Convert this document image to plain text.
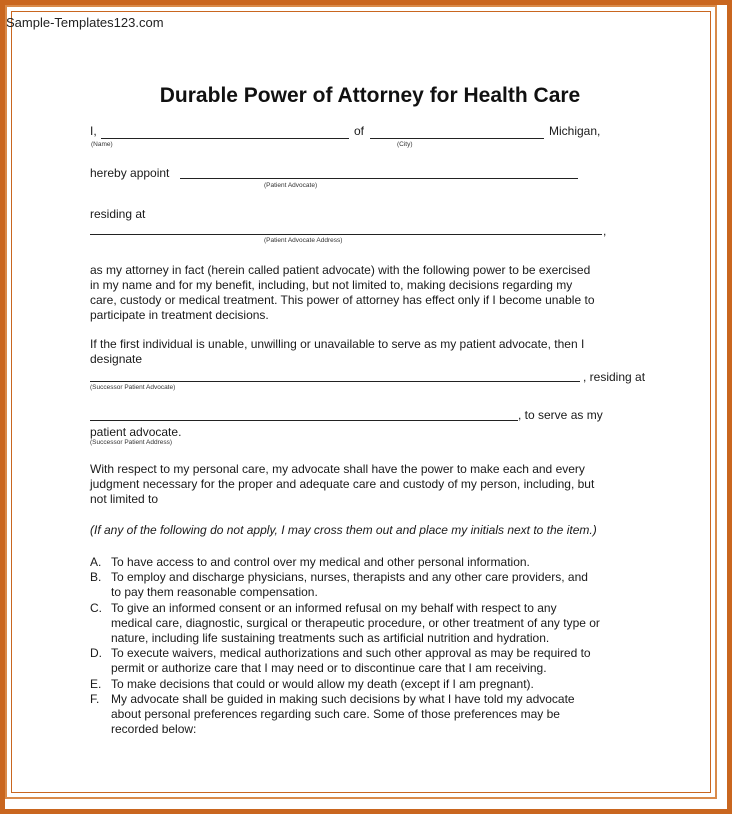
Sample-Templates123.com
Durable Power of Attorney for Health Care
I,	of	Michigan,
(Name)	(City)
hereby appoint
(Patient Advocate)
residing at
,
(Patient Advocate Address)
as my attorney in fact (herein called patient advocate) with the following power to be exercised
in my name and for my benefit, including, but not limited to, making decisions regarding my
care, custody or medical treatment. This power of attorney has effect only if I become unable to
participate in treatment decisions.
If the first individual is unable, unwilling or unavailable to serve as my patient advocate, then I
designate
, residing at
(Successor Patient Advocate)
, to serve as my
patient advocate.
(Successor Patient Address)
With respect to my personal care, my advocate shall have the power to make each and every
judgment necessary for the proper and adequate care and custody of my person, including, but
not limited to
(If any of the following do not apply, I may cross them out and place my initials next to the item.)
A. To have access to and control over my medical and other personal information.
B. To employ and discharge physicians, nurses, therapists and any other care providers, and
to pay them reasonable compensation.
C. To give an informed consent or an informed refusal on my behalf with respect to any
medical care, diagnostic, surgical or therapeutic procedure, or other treatment of any type or
nature, including life sustaining treatments such as artificial nutrition and hydration.
D. To execute waivers, medical authorizations and such other approval as may be required to
permit or authorize care that I may need or to discontinue care that I am receiving.
E. To make decisions that could or would allow my death (except if I am pregnant).
F. My advocate shall be guided in making such decisions by what I have told my advocate
about personal preferences regarding such care. Some of those preferences may be
recorded below:
